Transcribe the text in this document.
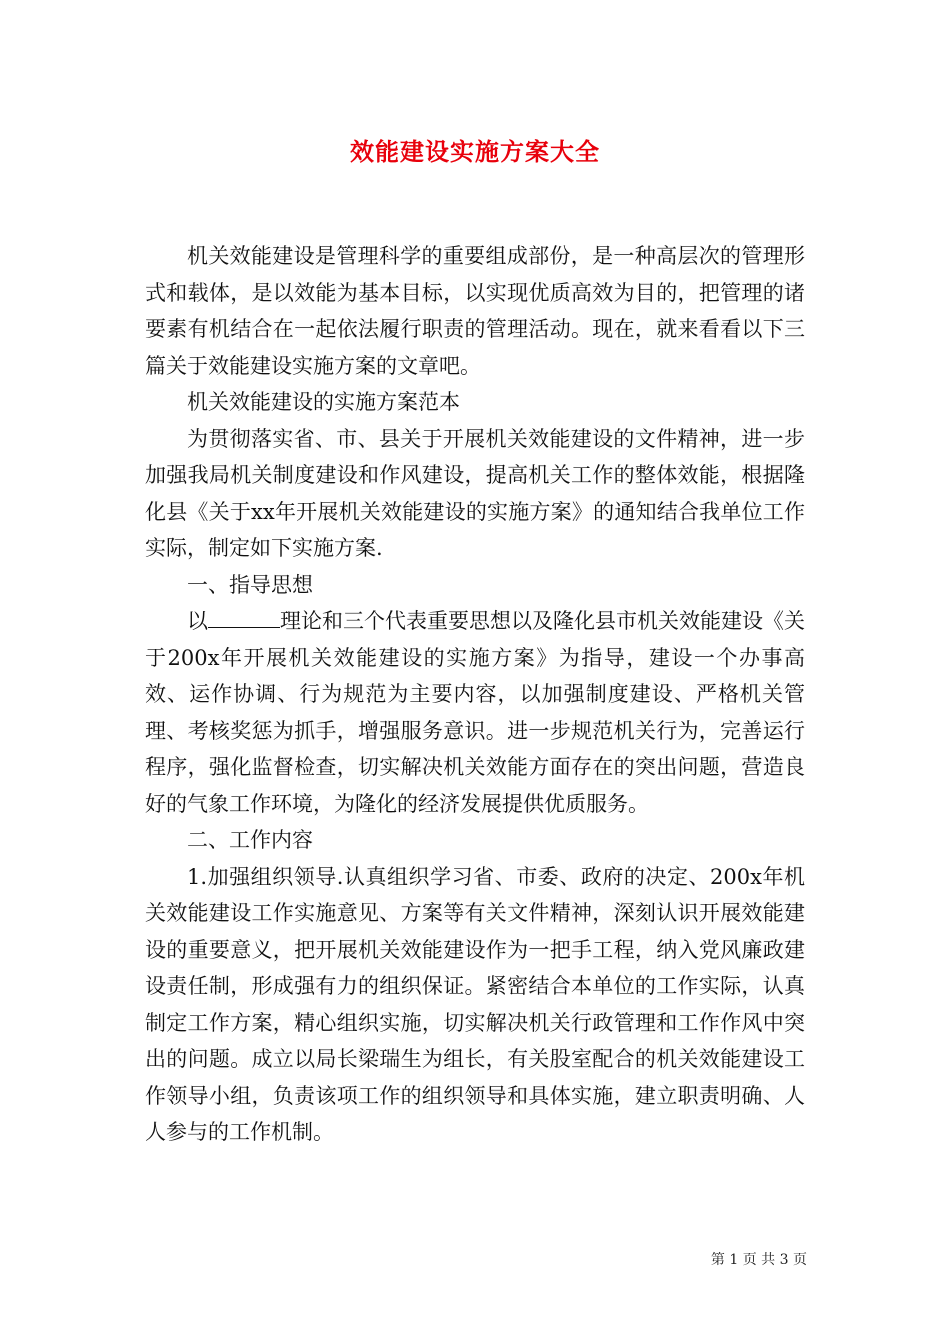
效能建设实施方案大全

机关效能建设是管理科学的重要组成部份，是一种高层次的管理形式和载体，是以效能为基本目标，以实现优质高效为目的，把管理的诸要素有机结合在一起依法履行职责的管理活动。现在，就来看看以下三篇关于效能建设实施方案的文章吧。

机关效能建设的实施方案范本

为贯彻落实省、市、县关于开展机关效能建设的文件精神，进一步加强我局机关制度建设和作风建设，提高机关工作的整体效能，根据隆化县《关于xx年开展机关效能建设的实施方案》的通知结合我单位工作实际，制定如下实施方案.

一、指导思想

以	理论和三个代表重要思想以及隆化县市机关效能建设《关于200x年开展机关效能建设的实施方案》为指导，建设一个办事高效、运作协调、行为规范为主要内容，以加强制度建设、严格机关管理、考核奖惩为抓手，增强服务意识。进一步规范机关行为，完善运行程序，强化监督检查，切实解决机关效能方面存在的突出问题，营造良好的气象工作环境，为隆化的经济发展提供优质服务。

二、工作内容

1.加强组织领导.认真组织学习省、市委、政府的决定、200x年机关效能建设工作实施意见、方案等有关文件精神，深刻认识开展效能建设的重要意义，把开展机关效能建设作为一把手工程，纳入党风廉政建设责任制，形成强有力的组织保证。紧密结合本单位的工作实际，认真制定工作方案，精心组织实施，切实解决机关行政管理和工作作风中突出的问题。成立以局长梁瑞生为组长，有关股室配合的机关效能建设工作领导小组，负责该项工作的组织领导和具体实施，建立职责明确、人人参与的工作机制。

第 1 页 共 3 页
